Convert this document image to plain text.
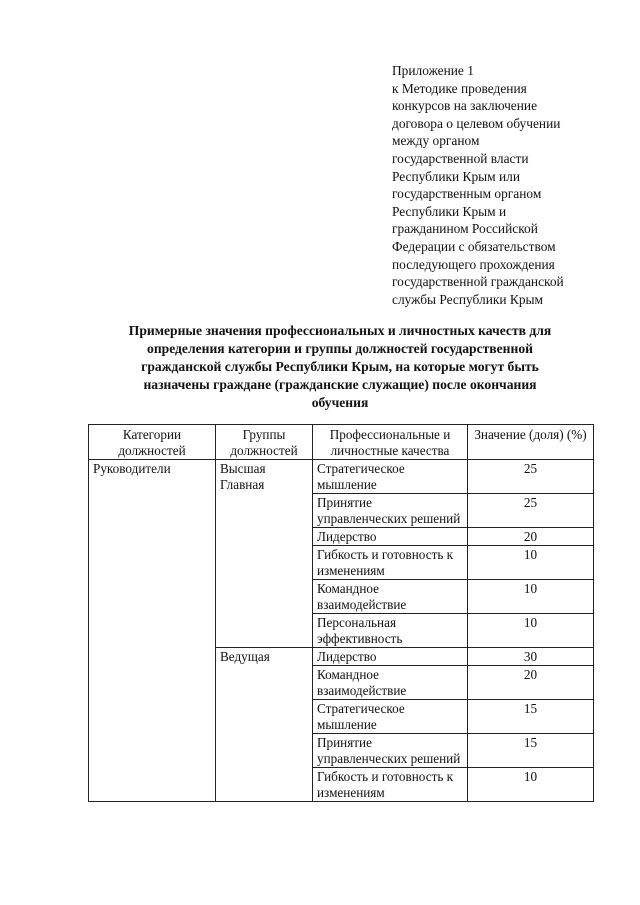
Приложение 1
к Методике проведения
конкурсов на заключение
договора о целевом обучении
между органом
государственной власти
Республики Крым или
государственным органом
Республики Крым и
гражданином Российской
Федерации с обязательством
последующего прохождения
государственной гражданской
службы Республики Крым
Примерные значения профессиональных и личностных качеств для
определения категории и группы должностей государственной
гражданской службы Республики Крым, на которые могут быть
назначены граждане (гражданские служащие) после окончания
обучения
Категории должностей	Группы должностей	Профессиональные и личностные качества	Значение (доля) (%)
Руководители	Высшая Главная	Стратегическое мышление	25
		Принятие управленческих решений	25
		Лидерство	20
		Гибкость и готовность к изменениям	10
		Командное взаимодействие	10
		Персональная эффективность	10
	Ведущая	Лидерство	30
		Командное взаимодействие	20
		Стратегическое мышление	15
		Принятие управленческих решений	15
		Гибкость и готовность к изменениям	10
